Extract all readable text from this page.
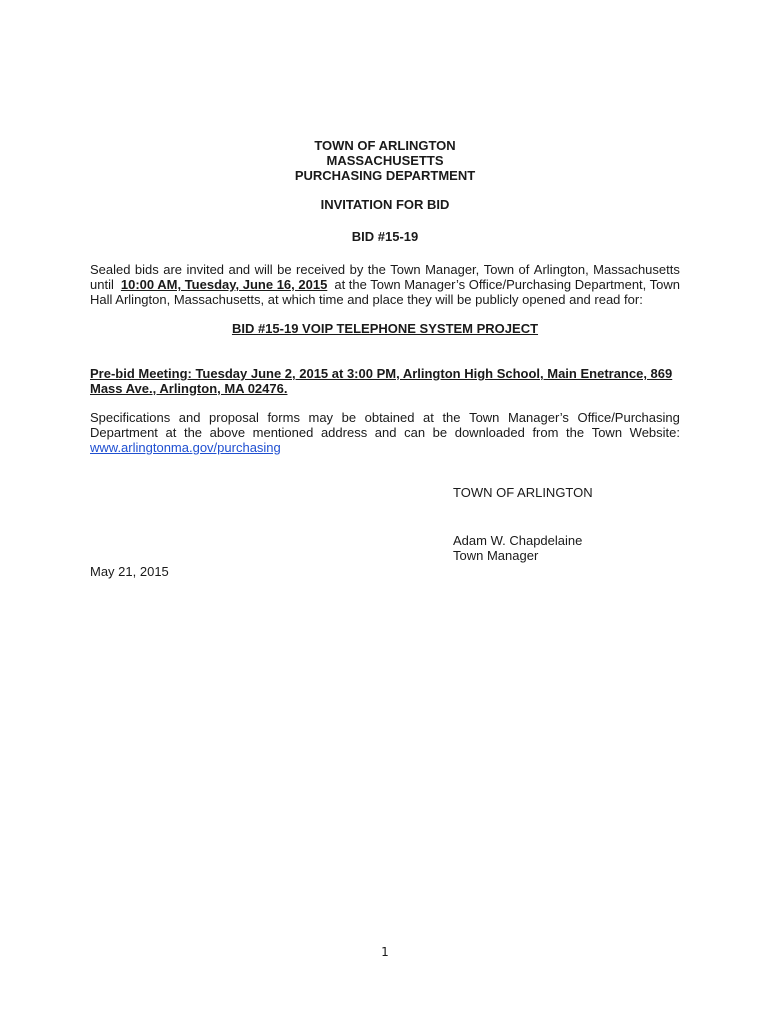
TOWN OF ARLINGTON
MASSACHUSETTS
PURCHASING DEPARTMENT
INVITATION FOR BID
BID #15-19
Sealed bids are invited and will be received by the Town Manager, Town of Arlington, Massachusetts
until 10:00 AM, Tuesday, June 16, 2015 at the Town Manager’s Office/Purchasing Department, Town
Hall Arlington, Massachusetts, at which time and place they will be publicly opened and read for:
BID #15-19 VOIP TELEPHONE SYSTEM PROJECT
Pre-bid Meeting: Tuesday June 2, 2015 at 3:00 PM, Arlington High School, Main Enetrance, 869
Mass Ave., Arlington, MA 02476.
Specifications and proposal forms may be obtained at the Town Manager’s Office/Purchasing
Department at the above mentioned address and can be downloaded from the Town Website:
www.arlingtonma.gov/purchasing
TOWN OF ARLINGTON
Adam W. Chapdelaine
Town Manager
May 21, 2015
1
